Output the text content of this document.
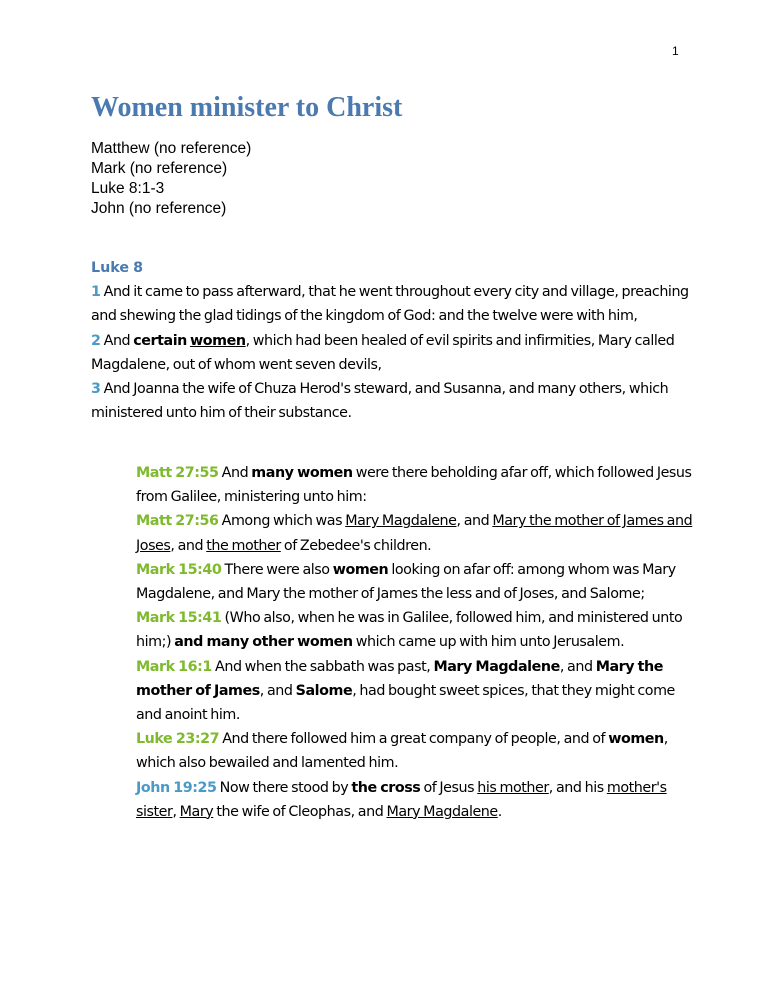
1
Women minister to Christ
Matthew (no reference)
Mark (no reference)
Luke 8:1-3
John (no reference)
Luke 8

1 And it came to pass afterward, that he went throughout every city and village, preaching and shewing the glad tidings of the kingdom of God: and the twelve were with him,

2 And certain women, which had been healed of evil spirits and infirmities, Mary called Magdalene, out of whom went seven devils,

3 And Joanna the wife of Chuza Herod's steward, and Susanna, and many others, which ministered unto him of their substance.

Matt 27:55 And many women were there beholding afar off, which followed Jesus from Galilee, ministering unto him:

Matt 27:56 Among which was Mary Magdalene, and Mary the mother of James and Joses, and the mother of Zebedee's children.

Mark 15:40 There were also women looking on afar off: among whom was Mary Magdalene, and Mary the mother of James the less and of Joses, and Salome;

Mark 15:41 (Who also, when he was in Galilee, followed him, and ministered unto him;) and many other women which came up with him unto Jerusalem.

Mark 16:1 And when the sabbath was past, Mary Magdalene, and Mary the mother of James, and Salome, had bought sweet spices, that they might come and anoint him.

Luke 23:27 And there followed him a great company of people, and of women, which also bewailed and lamented him.

John 19:25 Now there stood by the cross of Jesus his mother, and his mother's sister, Mary the wife of Cleophas, and Mary Magdalene.
